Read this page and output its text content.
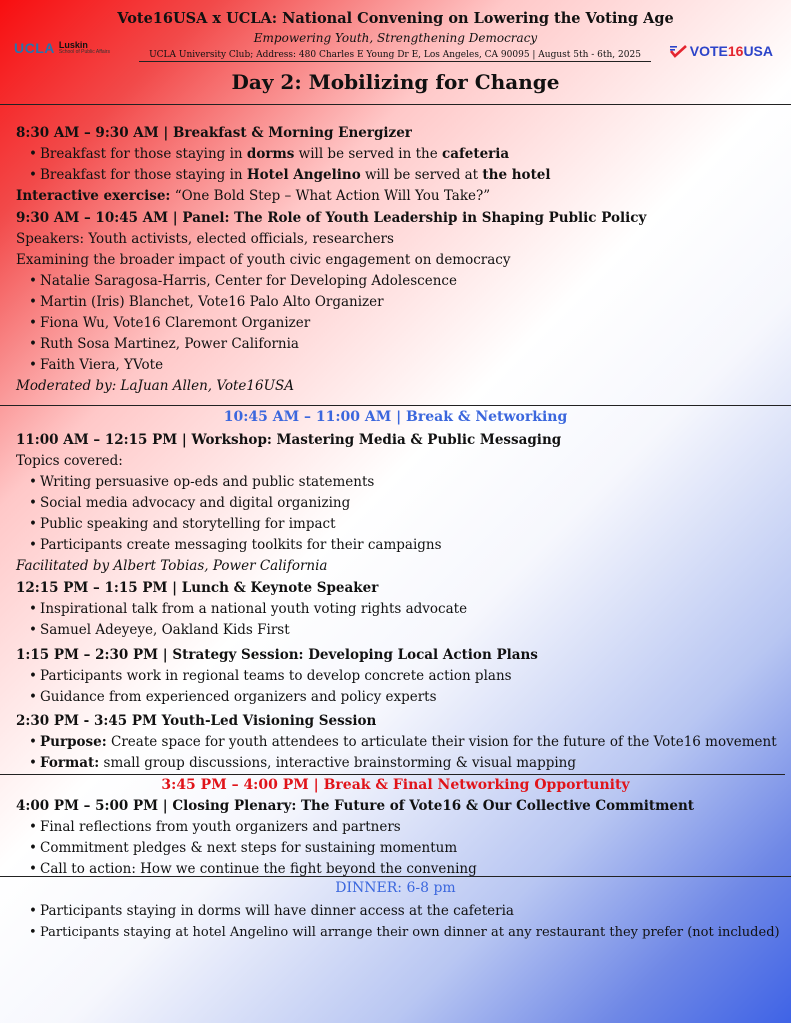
UCLA Luskin
School of Public Affairs
Vote16USA x UCLA: National Convening on Lowering the Voting Age
Empowering Youth, Strengthening Democracy
UCLA University Club; Address: 480 Charles E Young Dr E, Los Angeles, CA 90095 | August 5th - 6th, 2025	VOTE 16 USA
Day 2: Mobilizing for Change
8:30 AM – 9:30 AM | Breakfast & Morning Energizer
• Breakfast for those staying in dorms will be served in the cafeteria
• Breakfast for those staying in Hotel Angelino will be served at the hotel
Interactive exercise: “One Bold Step – What Action Will You Take?”
9:30 AM – 10:45 AM | Panel: The Role of Youth Leadership in Shaping Public Policy
Speakers: Youth activists, elected officials, researchers
Examining the broader impact of youth civic engagement on democracy
• Natalie Saragosa-Harris, Center for Developing Adolescence
• Martin (Iris) Blanchet, Vote16 Palo Alto Organizer
• Fiona Wu, Vote16 Claremont Organizer
• Ruth Sosa Martinez, Power California
• Faith Viera, YVote
Moderated by: LaJuan Allen, Vote16USA
10:45 AM – 11:00 AM | Break & Networking
11:00 AM – 12:15 PM | Workshop: Mastering Media & Public Messaging
Topics covered:
• Writing persuasive op-eds and public statements
• Social media advocacy and digital organizing
• Public speaking and storytelling for impact
• Participants create messaging toolkits for their campaigns
Facilitated by Albert Tobias, Power California
12:15 PM – 1:15 PM | Lunch & Keynote Speaker
• Inspirational talk from a national youth voting rights advocate
• Samuel Adeyeye, Oakland Kids First
1:15 PM – 2:30 PM | Strategy Session: Developing Local Action Plans
• Participants work in regional teams to develop concrete action plans
• Guidance from experienced organizers and policy experts
2:30 PM - 3:45 PM Youth-Led Visioning Session
• Purpose: Create space for youth attendees to articulate their vision for the future of the Vote16 movement
• Format: small group discussions, interactive brainstorming & visual mapping
3:45 PM – 4:00 PM | Break & Final Networking Opportunity
4:00 PM – 5:00 PM | Closing Plenary: The Future of Vote16 & Our Collective Commitment
• Final reflections from youth organizers and partners
• Commitment pledges & next steps for sustaining momentum
• Call to action: How we continue the fight beyond the convening
DINNER: 6-8 pm
• Participants staying in dorms will have dinner access at the cafeteria
• Participants staying at hotel Angelino will arrange their own dinner at any restaurant they prefer (not included)
